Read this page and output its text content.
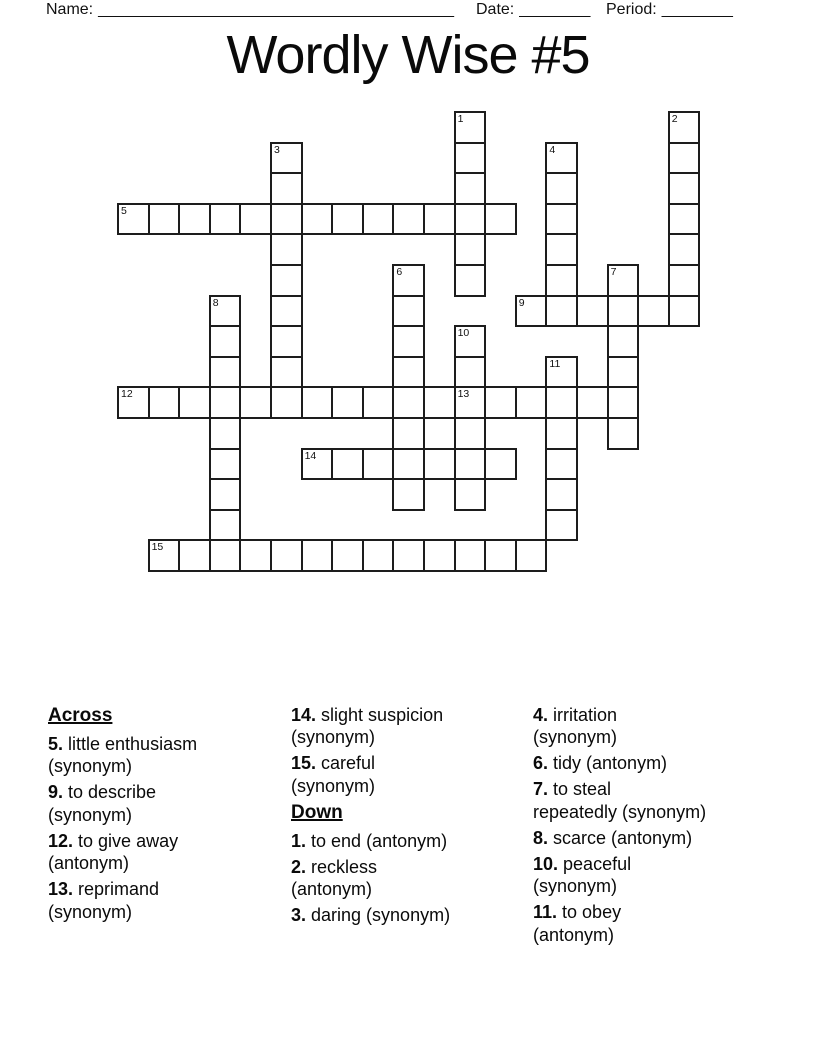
Name: ________________________________________ Date: ________ Period: ________
Wordly Wise #5
5
9
12	13
14
15
1	2
3	4
6	7
8
10
11
Across
5. little enthusiasm
(synonym)
9. to describe
(synonym)
12. to give away
(antonym)
13. reprimand
(synonym)
14. slight suspicion
(synonym)
15. careful
(synonym)
Down
1. to end (antonym)
2. reckless
(antonym)
3. daring (synonym)
4. irritation
(synonym)
6. tidy (antonym)
7. to steal
repeatedly (synonym)
8. scarce (antonym)
10. peaceful
(synonym)
11. to obey
(antonym)
